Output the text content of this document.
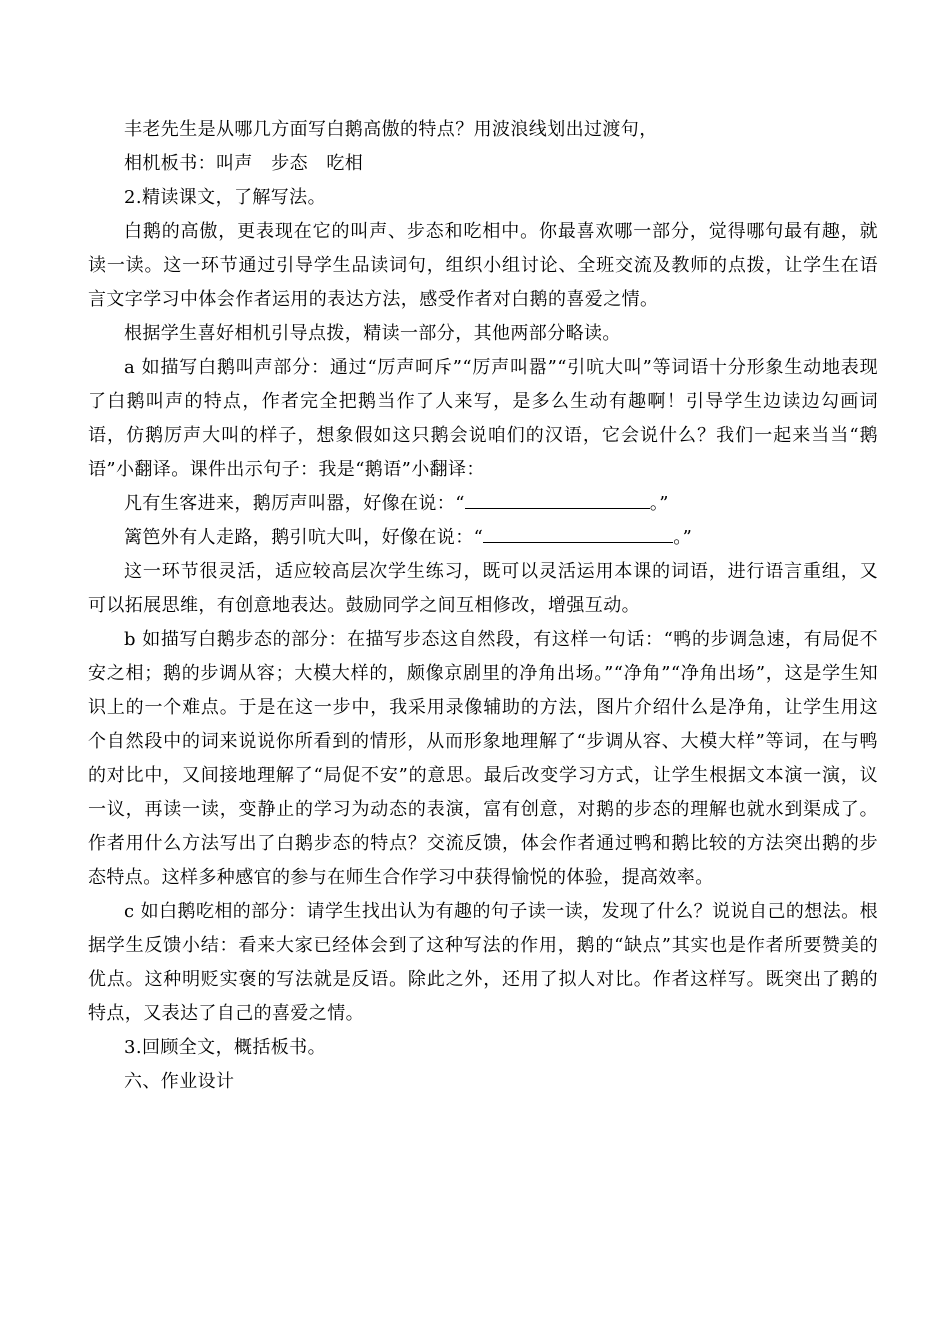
丰老先生是从哪几方面写白鹅高傲的特点？用波浪线划出过渡句，

相机板书：叫声　步态　吃相

2.精读课文，了解写法。

白鹅的高傲，更表现在它的叫声、步态和吃相中。你最喜欢哪一部分，觉得哪句最有趣，就读一读。这一环节通过引导学生品读词句，组织小组讨论、全班交流及教师的点拨，让学生在语言文字学习中体会作者运用的表达方法，感受作者对白鹅的喜爱之情。

根据学生喜好相机引导点拨，精读一部分，其他两部分略读。

a 如描写白鹅叫声部分：通过“厉声呵斥”“厉声叫嚣”“引吭大叫”等词语十分形象生动地表现了白鹅叫声的特点，作者完全把鹅当作了人来写，是多么生动有趣啊！引导学生边读边勾画词语，仿鹅厉声大叫的样子，想象假如这只鹅会说咱们的汉语，它会说什么？我们一起来当当“鹅语”小翻译。课件出示句子：我是“鹅语”小翻译：

凡有生客进来，鹅厉声叫嚣，好像在说：“	。”

篱笆外有人走路，鹅引吭大叫，好像在说：“	。”

这一环节很灵活，适应较高层次学生练习，既可以灵活运用本课的词语，进行语言重组，又可以拓展思维，有创意地表达。鼓励同学之间互相修改，增强互动。

b 如描写白鹅步态的部分：在描写步态这自然段，有这样一句话：“鸭的步调急速，有局促不安之相；鹅的步调从容；大模大样的，颇像京剧里的净角出场。”“净角”“净角出场”，这是学生知识上的一个难点。于是在这一步中，我采用录像辅助的方法，图片介绍什么是净角，让学生用这个自然段中的词来说说你所看到的情形，从而形象地理解了“步调从容、大模大样”等词，在与鸭的对比中，又间接地理解了“局促不安”的意思。最后改变学习方式，让学生根据文本演一演，议一议，再读一读，变静止的学习为动态的表演，富有创意，对鹅的步态的理解也就水到渠成了。作者用什么方法写出了白鹅步态的特点？交流反馈，体会作者通过鸭和鹅比较的方法突出鹅的步态特点。这样多种感官的参与在师生合作学习中获得愉悦的体验，提高效率。

c 如白鹅吃相的部分：请学生找出认为有趣的句子读一读，发现了什么？说说自己的想法。根据学生反馈小结：看来大家已经体会到了这种写法的作用，鹅的“缺点”其实也是作者所要赞美的优点。这种明贬实褒的写法就是反语。除此之外，还用了拟人对比。作者这样写。既突出了鹅的特点，又表达了自己的喜爱之情。

3.回顾全文，概括板书。

六、作业设计
